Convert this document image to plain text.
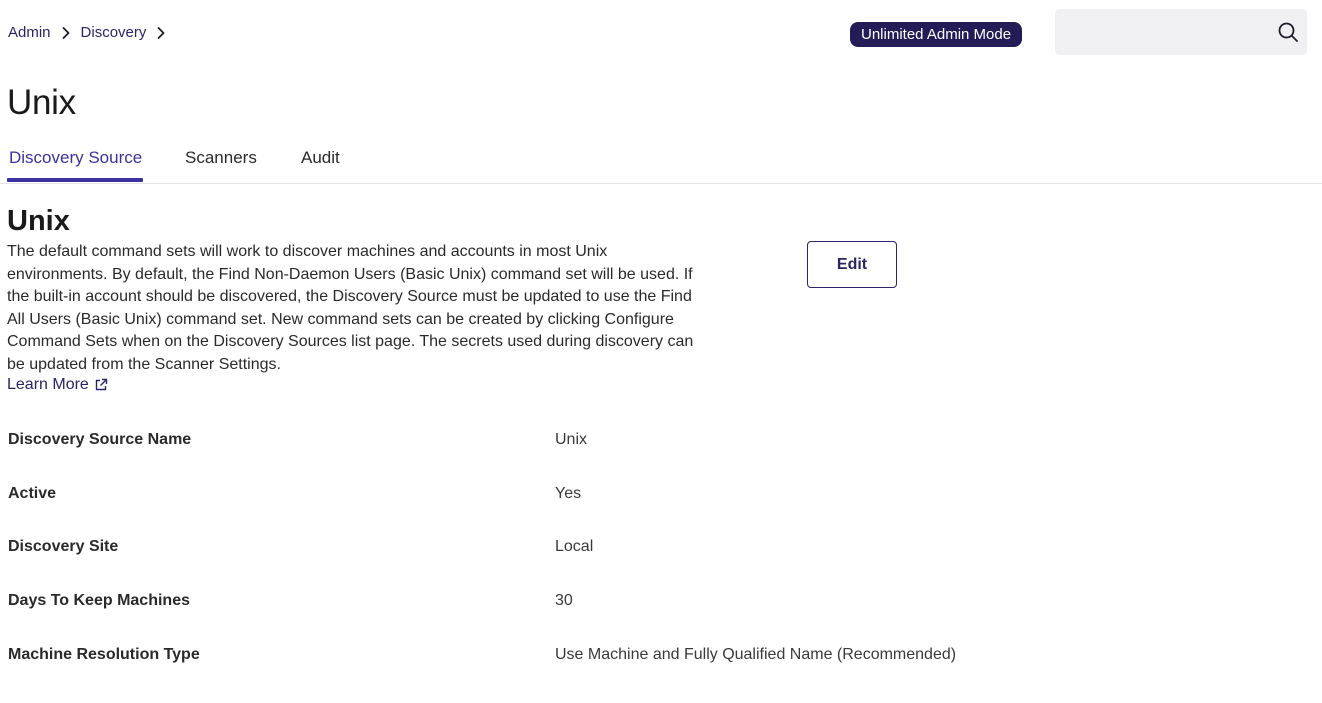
Admin Discovery	Unlimited Admin Mode
Unix
Discovery Source	Scanners	Audit
Unix

The default command sets will work to discover machines and accounts in most Unix environments. By default, the Find Non-Daemon Users (Basic Unix) command set will be used. If the built-in account should be discovered, the Discovery Source must be updated to use the Find All Users (Basic Unix) command set. New command sets can be created by clicking Configure Command Sets when on the Discovery Sources list page. The secrets used during discovery can be updated from the Scanner Settings.

Learn More
Edit
Discovery Source Name	Unix
Active	Yes
Discovery Site	Local
Days To Keep Machines	30
Machine Resolution Type	Use Machine and Fully Qualified Name (Recommended)
